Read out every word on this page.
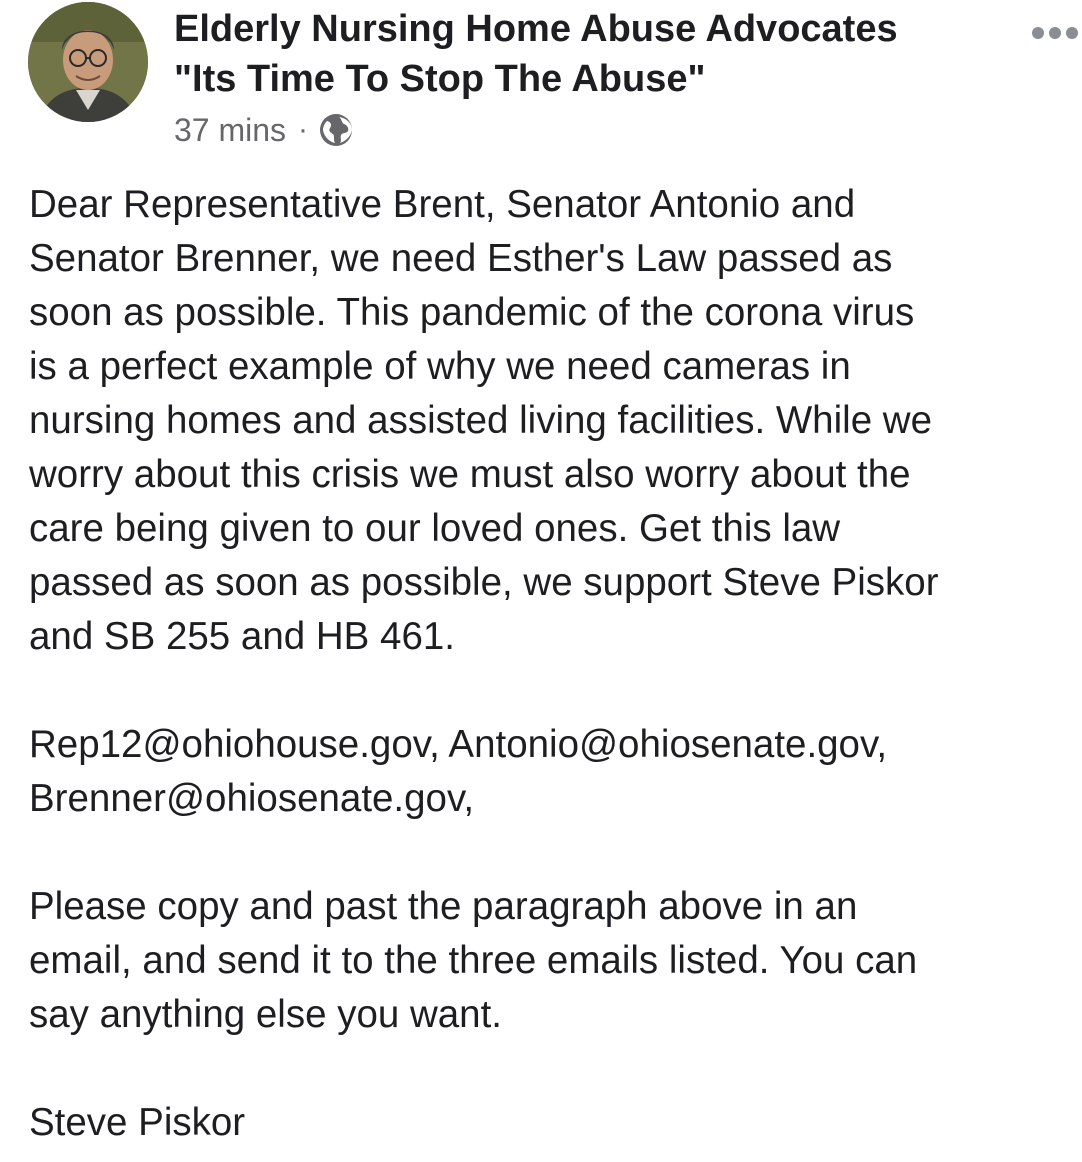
Elderly Nursing Home Abuse Advocates
"Its Time To Stop The Abuse"
37 mins ·

Dear Representative Brent, Senator Antonio and
Senator Brenner, we need Esther's Law passed as
soon as possible. This pandemic of the corona virus
is a perfect example of why we need cameras in
nursing homes and assisted living facilities. While we
worry about this crisis we must also worry about the
care being given to our loved ones. Get this law
passed as soon as possible, we support Steve Piskor
and SB 255 and HB 461.

Rep12@ohiohouse.gov, Antonio@ohiosenate.gov,
Brenner@ohiosenate.gov,

Please copy and past the paragraph above in an
email, and send it to the three emails listed. You can
say anything else you want.

Steve Piskor
